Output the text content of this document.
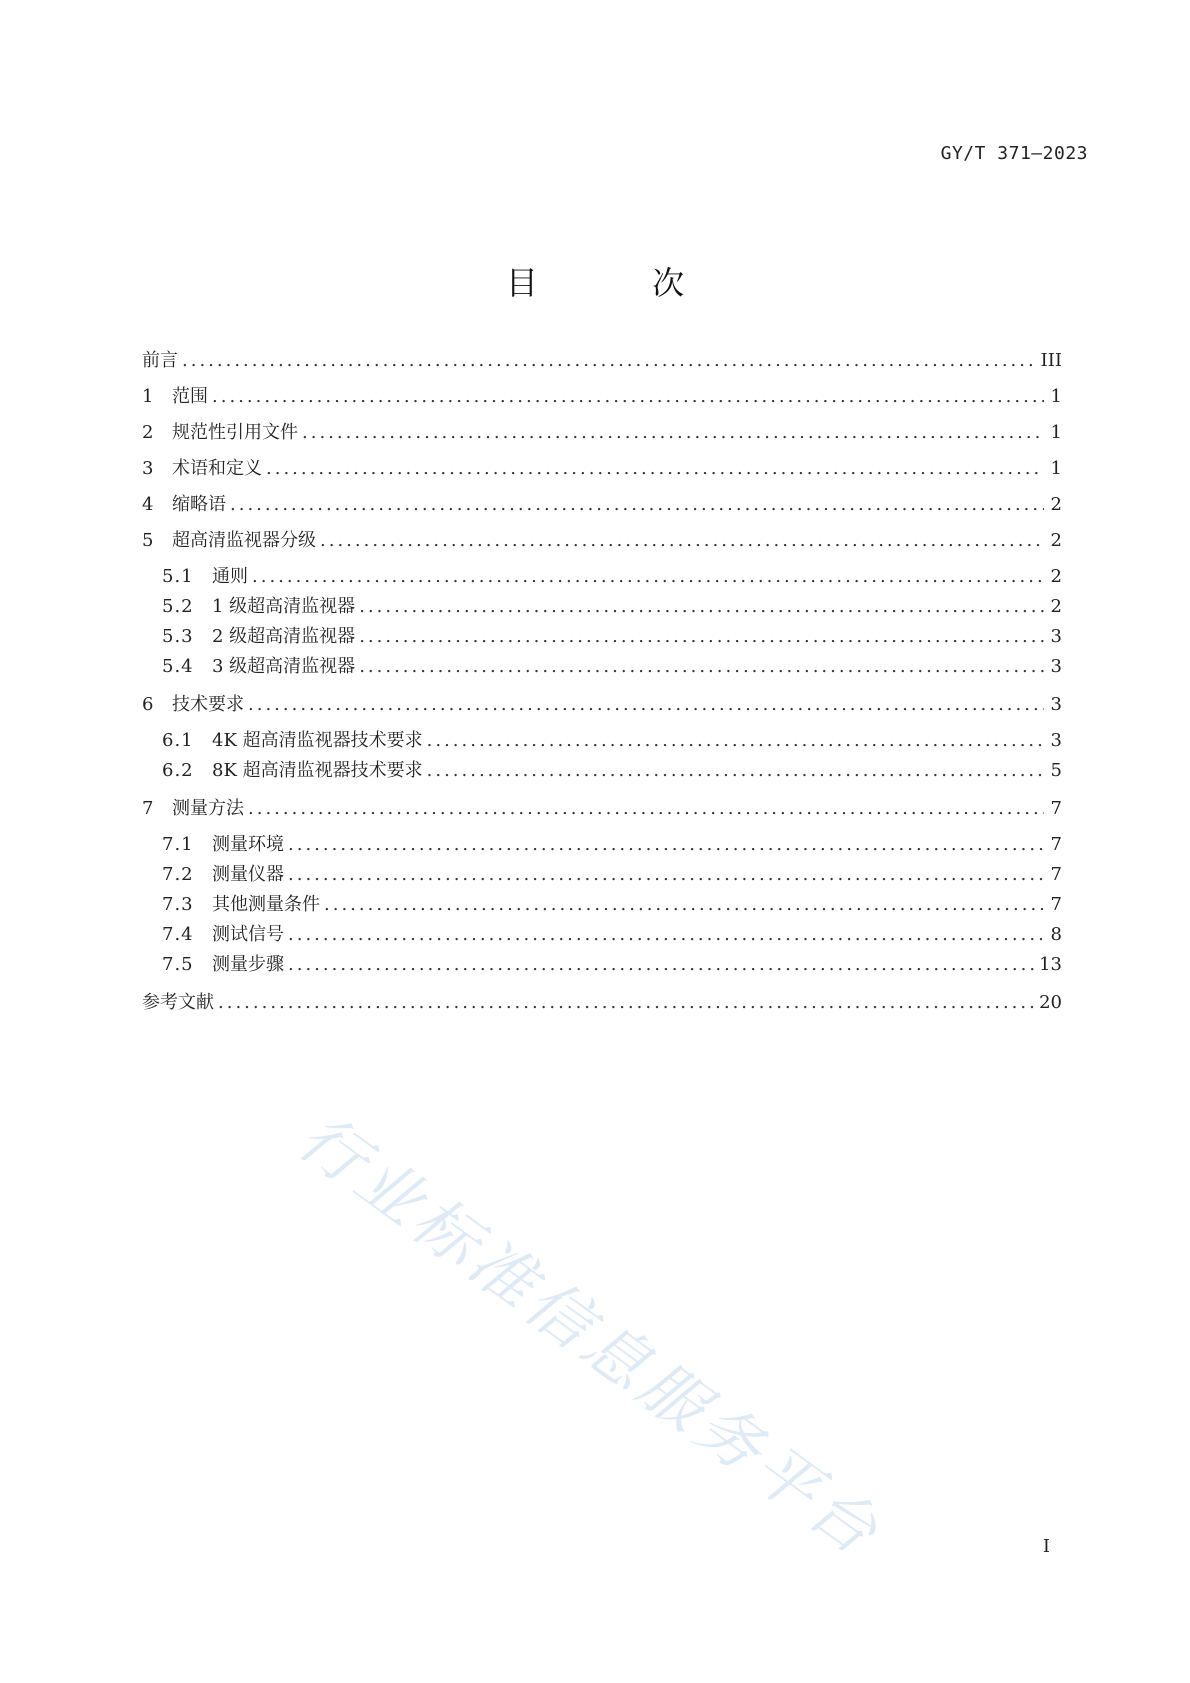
GY/T 371—2023
目 次
前言 .....	III
1	范围 .....	1
2	规范性引用文件 .....	1
3	术语和定义 .....	1
4	缩略语 .....	2
5	超高清监视器分级 .....	2
5.1	通则 .....	2
5.2	1 级超高清监视器 .....	2
5.3	2 级超高清监视器 .....	3
5.4	3 级超高清监视器 .....	3
6	技术要求 .....	3
6.1	4K 超高清监视器技术要求 .....	3
6.2	8K 超高清监视器技术要求 .....	5
7	测量方法 .....	7
7.1	测量环境 .....	7
7.2	测量仪器 .....	7
7.3	其他测量条件 .....	7
7.4	测试信号 .....	8
7.5	测量步骤 .....	13
参考文献 .....	20
行业标准信息服务平台	I
